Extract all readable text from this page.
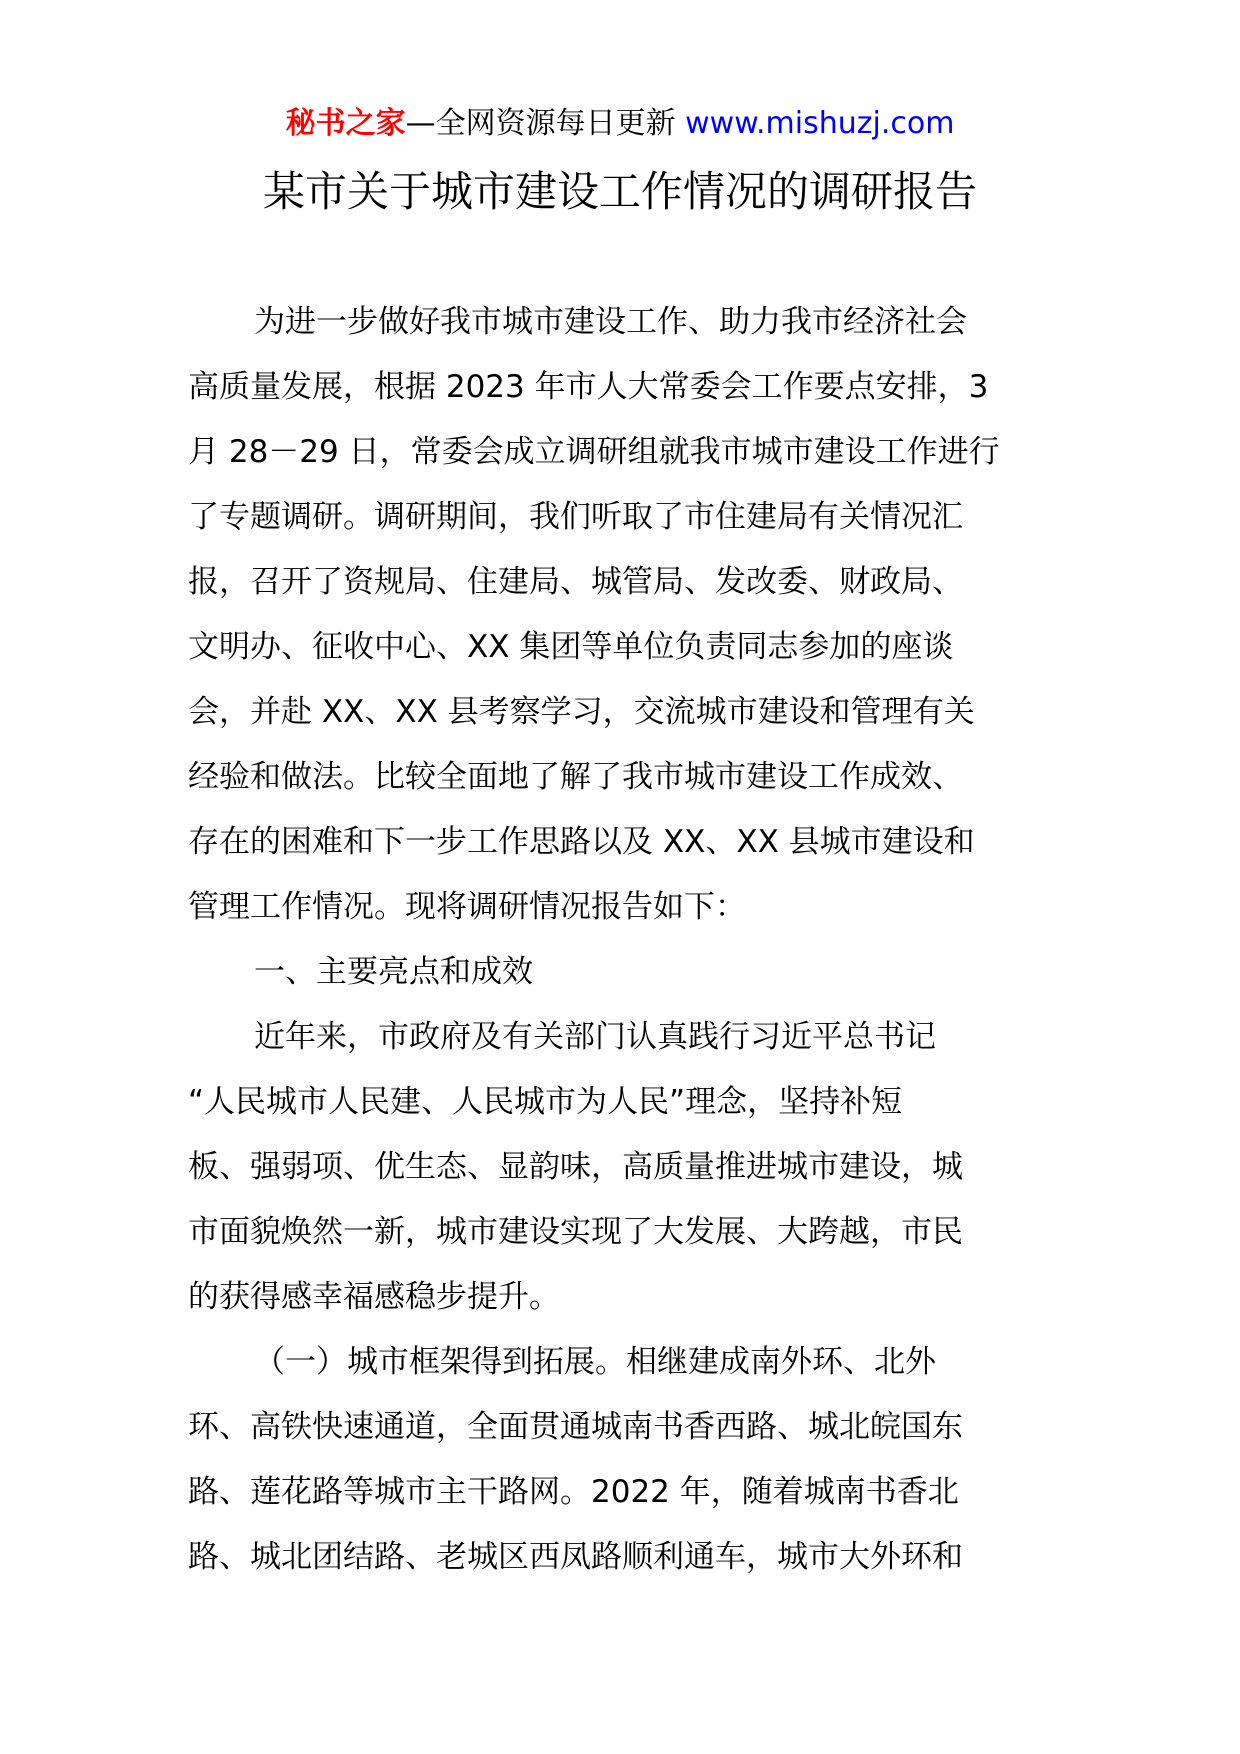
秘书之家—全网资源每日更新 www.mishuzj.com
某市关于城市建设工作情况的调研报告
为进一步做好我市城市建设工作、助力我市经济社会
高质量发展，根据 2023 年市人大常委会工作要点安排，3
月 28－29 日，常委会成立调研组就我市城市建设工作进行
了专题调研。调研期间，我们听取了市住建局有关情况汇
报，召开了资规局、住建局、城管局、发改委、财政局、
文明办、征收中心、XX 集团等单位负责同志参加的座谈
会，并赴 XX、XX 县考察学习，交流城市建设和管理有关
经验和做法。比较全面地了解了我市城市建设工作成效、
存在的困难和下一步工作思路以及 XX、XX 县城市建设和
管理工作情况。现将调研情况报告如下：
一、主要亮点和成效
近年来，市政府及有关部门认真践行习近平总书记
“人民城市人民建、人民城市为人民”理念，坚持补短
板、强弱项、优生态、显韵味，高质量推进城市建设，城
市面貌焕然一新，城市建设实现了大发展、大跨越，市民
的获得感幸福感稳步提升。
（一）城市框架得到拓展。相继建成南外环、北外
环、高铁快速通道，全面贯通城南书香西路、城北皖国东
路、莲花路等城市主干路网。2022 年，随着城南书香北
路、城北团结路、老城区西凤路顺利通车，城市大外环和
